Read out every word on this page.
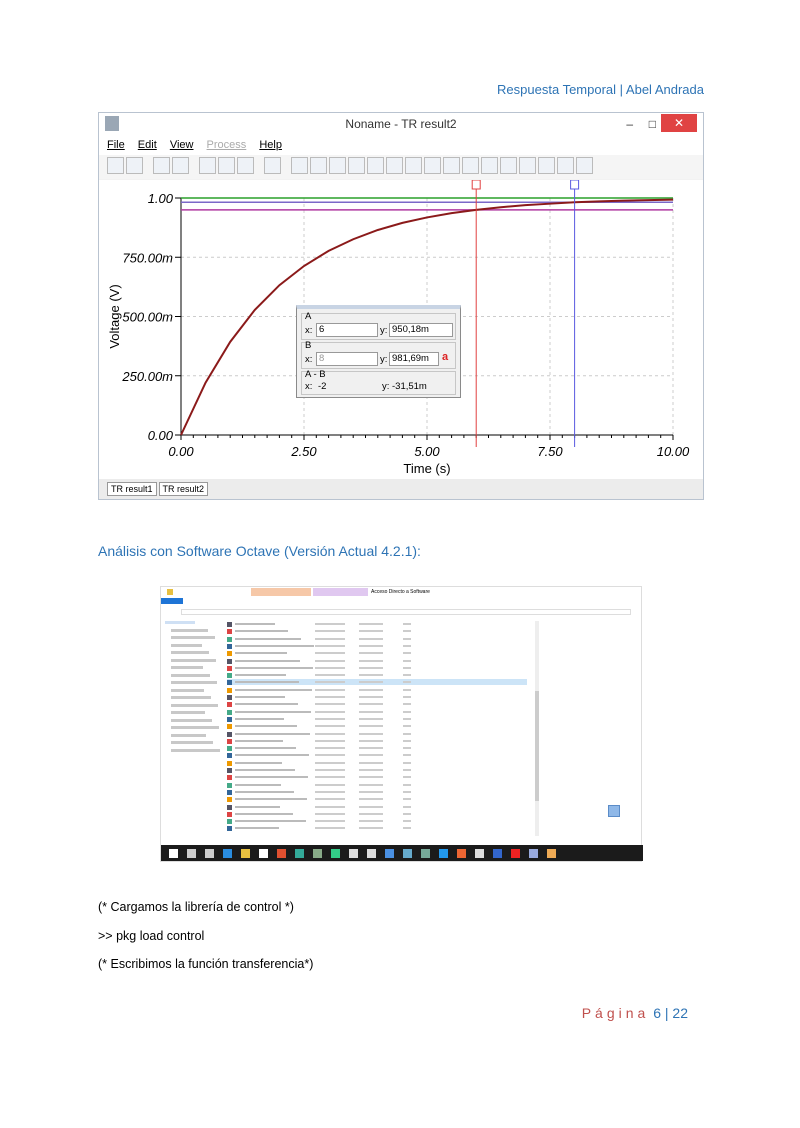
Respuesta Temporal | Abel Andrada
Noname - TR result2	– □	✕
File Edit View Process Help
0.00	2.50	5.00	7.50	10.00
0.00
250.00m
500.00m
750.00m
1.00
Time (s)
Voltage (V)
TR result1 TR result2
A
x: 6	y: 950,18m
B
x: 8	y: 981,69m	a
A - B
x: -2	y: -31,51m
Análisis con Software Octave (Versión Actual 4.2.1):
Acceso Directo a Software
(* Cargamos la librería de control *)
>> pkg load control
(* Escribimos la función transferencia*)
Página 6 | 22
